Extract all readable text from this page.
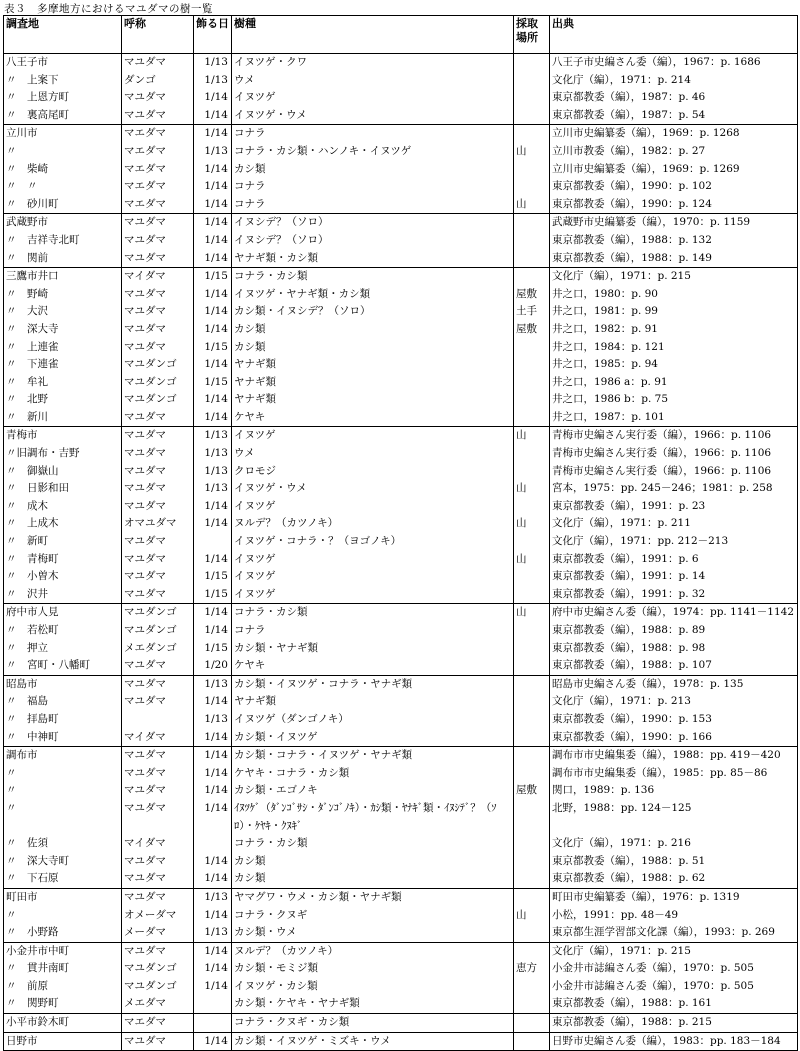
表３　多摩地方におけるマユダマの樹一覧
調査地	呼称	飾る日	樹種	採取場所	出典
八王子市	マユダマ	1/13	イヌツゲ・クワ		八王子市史編さん委（編），1967：p. 1686
〃　上案下	ダンゴ	1/13	ウメ		文化庁（編），1971：p. 214
〃　上恩方町	マユダマ	1/14	イヌツゲ		東京都教委（編），1987：p. 46
〃　裏高尾町	マユダマ	1/14	イヌツゲ・ウメ		東京都教委（編），1987：p. 54
立川市	マエダマ	1/14	コナラ		立川市史編纂委（編），1969：p. 1268
〃	マエダマ	1/13	コナラ・カシ類・ハンノキ・イヌツゲ	山	立川市教委（編），1982：p. 27
〃　柴崎	マエダマ	1/14	カシ類		立川市史編纂委（編），1969：p. 1269
〃　〃	マエダマ	1/14	コナラ		東京都教委（編），1990：p. 102
〃　砂川町	マエダマ	1/14	コナラ	山	東京都教委（編），1990：p. 124
武蔵野市	マユダマ	1/14	イヌシデ？（ソロ）		武蔵野市史編纂委（編），1970：p. 1159
〃　吉祥寺北町	マユダマ	1/14	イヌシデ？（ソロ）		東京都教委（編），1988：p. 132
〃　関前	マユダマ	1/14	ヤナギ類・カシ類		東京都教委（編），1988：p. 149
三鷹市井口	マイダマ	1/15	コナラ・カシ類		文化庁（編），1971：p. 215
〃　野崎	マユダマ	1/14	イヌツゲ・ヤナギ類・カシ類	屋敷	井之口，1980：p. 90
〃　大沢	マユダマ	1/14	カシ類・イヌシデ？（ソロ）	土手	井之口，1981：p. 99
〃　深大寺	マユダマ	1/14	カシ類	屋敷	井之口，1982：p. 91
〃　上連雀	マユダマ	1/15	カシ類		井之口，1984：p. 121
〃　下連雀	マユダンゴ	1/14	ヤナギ類		井之口，1985：p. 94
〃　牟礼	マユダンゴ	1/15	ヤナギ類		井之口，1986 a：p. 91
〃　北野	マユダンゴ	1/14	ヤナギ類		井之口，1986 b：p. 75
〃　新川	マユダマ	1/14	ケヤキ		井之口，1987：p. 101
青梅市	マユダマ	1/13	イヌツゲ	山	青梅市史編さん実行委（編），1966：p. 1106
〃旧調布・吉野	マユダマ	1/13	ウメ		青梅市史編さん実行委（編），1966：p. 1106
〃　御嶽山	マユダマ	1/13	クロモジ		青梅市史編さん実行委（編），1966：p. 1106
〃　日影和田	マユダマ	1/13	イヌツゲ・ウメ	山	宮本，1975：pp. 245－246；1981：p. 258
〃　成木	マユダマ	1/14	イヌツゲ		東京都教委（編），1991：p. 23
〃　上成木	オマユダマ	1/14	ヌルデ？（カツノキ）	山	文化庁（編），1971：p. 211
〃　新町	マユダマ		イヌツゲ・コナラ・？（ヨゴノキ）		文化庁（編），1971：pp. 212－213
〃　青梅町	マユダマ	1/14	イヌツゲ	山	東京都教委（編），1991：p. 6
〃　小曽木	マユダマ	1/15	イヌツゲ		東京都教委（編），1991：p. 14
〃　沢井	マユダマ	1/15	イヌツゲ		東京都教委（編），1991：p. 32
府中市人見	マユダンゴ	1/14	コナラ・カシ類	山	府中市史編さん委（編），1974：pp. 1141－1142
〃　若松町	マユダンゴ	1/14	コナラ		東京都教委（編），1988：p. 89
〃　押立	メエダンゴ	1/15	カシ類・ヤナギ類		東京都教委（編），1988：p. 98
〃　宮町・八幡町	マユダマ	1/20	ケヤキ		東京都教委（編），1988：p. 107
昭島市	マユダマ	1/13	カシ類・イヌツゲ・コナラ・ヤナギ類		昭島市史編さん委（編），1978：p. 135
〃　福島	マユダマ	1/14	ヤナギ類		文化庁（編），1971：p. 213
〃　拝島町		1/13	イヌツゲ（ダンゴノキ）		東京都教委（編），1990：p. 153
〃　中神町	マイダマ	1/14	カシ類・イヌツゲ		東京都教委（編），1990：p. 166
調布市	マユダマ	1/14	カシ類・コナラ・イヌツゲ・ヤナギ類		調布市市史編集委（編），1988：pp. 419－420
〃	マユダマ	1/14	ケヤキ・コナラ・カシ類		調布市市史編集委（編），1985：pp. 85－86
〃	マユダマ	1/14	カシ類・エゴノキ	屋敷	関口，1989：p. 136
〃	マユダマ	1/14	ｲﾇﾂｹﾞ（ﾀﾞﾝｺﾞｻｼ・ﾀﾞﾝｺﾞﾉｷ）・ｶｼ類・ﾔﾅｷﾞ類・ｲﾇｼﾃﾞ？（ｿﾛ）・ｹﾔｷ・ｸﾇｷﾞ		北野，1988：pp. 124－125
〃　佐須	マイダマ		コナラ・カシ類		文化庁（編），1971：p. 216
〃　深大寺町	マユダマ	1/14	カシ類		東京都教委（編），1988：p. 51
〃　下石原	マユダマ	1/14	カシ類		東京都教委（編），1988：p. 62
町田市	マユダマ	1/13	ヤマグワ・ウメ・カシ類・ヤナギ類		町田市史編纂委（編），1976：p. 1319
〃	オメーダマ	1/14	コナラ・クヌギ	山	小松，1991：pp. 48－49
〃　小野路	メーダマ	1/13	カシ類・ウメ		東京都生涯学習部文化課（編），1993：p. 269
小金井市中町	マユダマ	1/14	ヌルデ？（カツノキ）		文化庁（編），1971：p. 215
〃　貫井南町	マユダンゴ	1/14	カシ類・モミジ類	恵方	小金井市誌編さん委（編），1970：p. 505
〃　前原	マユダンゴ	1/14	イヌツゲ・カシ類		小金井市誌編さん委（編），1970：p. 505
〃　関野町	メエダマ		カシ類・ケヤキ・ヤナギ類		東京都教委（編），1988：p. 161
小平市鈴木町	マエダマ		コナラ・クヌギ・カシ類		東京都教委（編），1988：p. 215
日野市	マユダマ	1/14	カシ類・イヌツゲ・ミズキ・ウメ		日野市史編さん委（編），1983：pp. 183－184
